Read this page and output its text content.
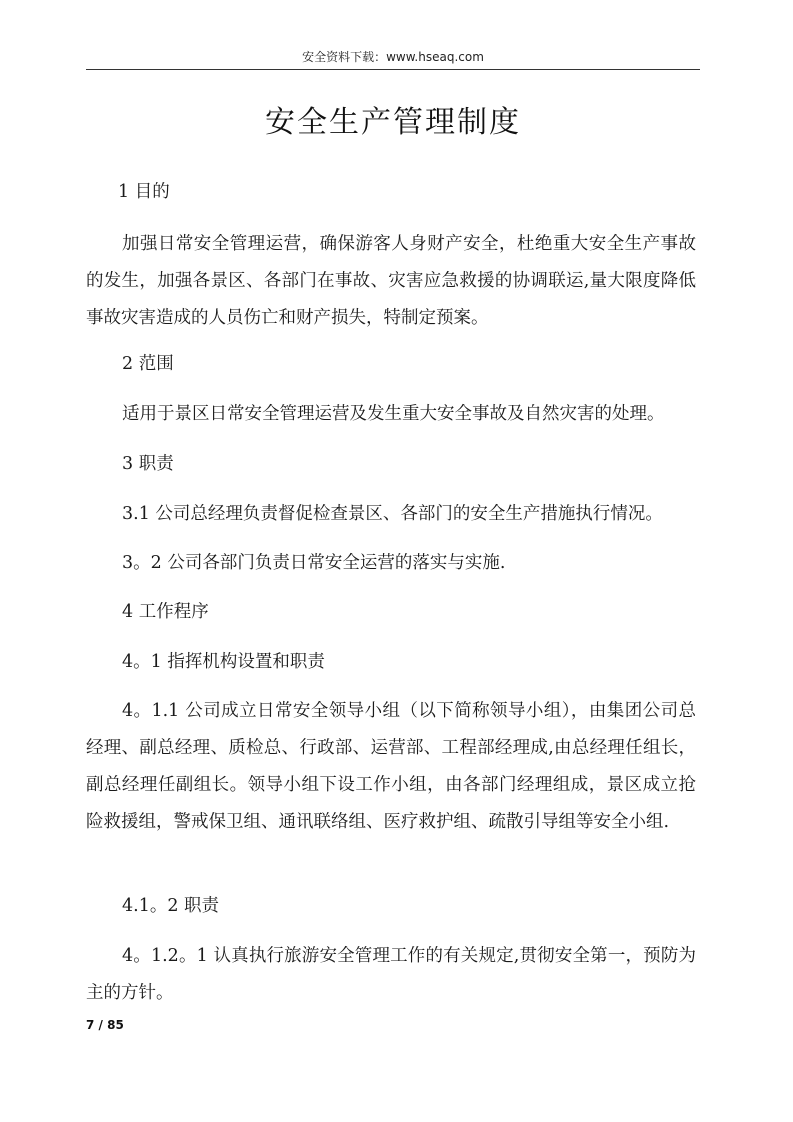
安全资料下载：www.hseaq.com
安全生产管理制度
1 目的
加强日常安全管理运营，确保游客人身财产安全，杜绝重大安全生产事故的发生，加强各景区、各部门在事故、灾害应急救援的协调联运,量大限度降低事故灾害造成的人员伤亡和财产损失，特制定预案。
2 范围
适用于景区日常安全管理运营及发生重大安全事故及自然灾害的处理。
3 职责
3.1 公司总经理负责督促检查景区、各部门的安全生产措施执行情况。
3。2 公司各部门负责日常安全运营的落实与实施.
4 工作程序
4。1 指挥机构设置和职责
4。1.1 公司成立日常安全领导小组（以下简称领导小组），由集团公司总经理、副总经理、质检总、行政部、运营部、工程部经理成,由总经理任组长，副总经理任副组长。领导小组下设工作小组，由各部门经理组成，景区成立抢险救援组，警戒保卫组、通讯联络组、医疗救护组、疏散引导组等安全小组.
4.1。2 职责
4。1.2。1 认真执行旅游安全管理工作的有关规定,贯彻安全第一，预防为主的方针。
7 / 85
